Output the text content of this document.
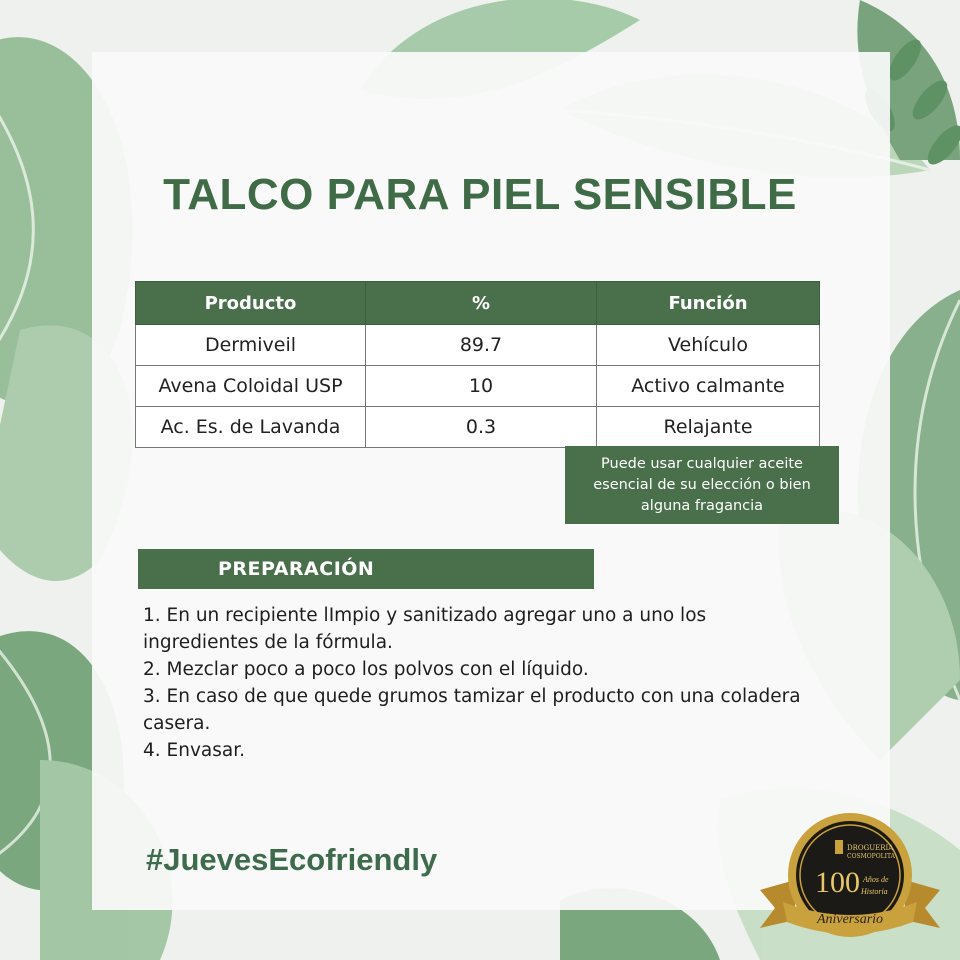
TALCO PARA PIEL SENSIBLE
Producto	%	Función
Dermiveil	89.7	Vehículo
Avena Coloidal USP	10	Activo calmante
Ac. Es. de Lavanda	0.3	Relajante
Puede usar cualquier aceite
esencial de su elección o bien
alguna fragancia
PREPARACIÓN
1. En un recipiente lImpio y sanitizado agregar uno a uno los ingredientes de la fórmula.
2. Mezclar poco a poco los polvos con el líquido.
3. En caso de que quede grumos tamizar el producto con una coladera casera.
4. Envasar.
#JuevesEcofriendly	DROGUERIA
COSMOPOLITA
100 Años de
Historia
Aniversario
